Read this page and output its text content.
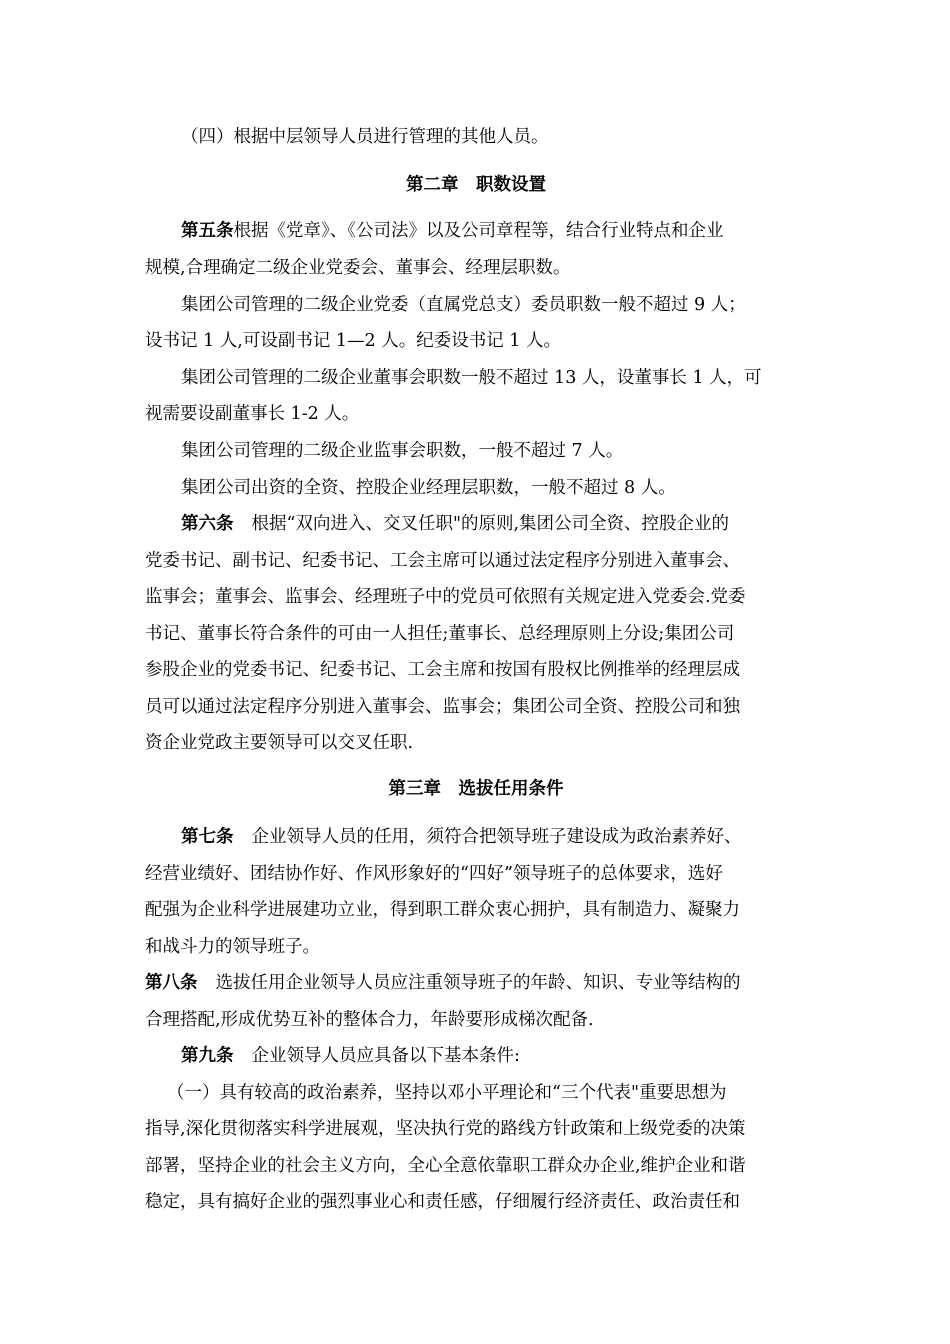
（四）根据中层领导人员进行管理的其他人员。
第二章　职数设置
第五条根据《党章》、《公司法》以及公司章程等，结合行业特点和企业
规模,合理确定二级企业党委会、董事会、经理层职数。
集团公司管理的二级企业党委（直属党总支）委员职数一般不超过 9 人；
设书记 1 人,可设副书记 1—2 人。纪委设书记 1 人。
集团公司管理的二级企业董事会职数一般不超过 13 人，设董事长 1 人，可
视需要设副董事长 1-2 人。
集团公司管理的二级企业监事会职数，一般不超过 7 人。
集团公司出资的全资、控股企业经理层职数，一般不超过 8 人。
第六条 根据“双向进入、交叉任职"的原则,集团公司全资、控股企业的
党委书记、副书记、纪委书记、工会主席可以通过法定程序分别进入董事会、
监事会；董事会、监事会、经理班子中的党员可依照有关规定进入党委会.党委
书记、董事长符合条件的可由一人担任;董事长、总经理原则上分设;集团公司
参股企业的党委书记、纪委书记、工会主席和按国有股权比例推举的经理层成
员可以通过法定程序分别进入董事会、监事会；集团公司全资、控股公司和独
资企业党政主要领导可以交叉任职.
第三章　选拔任用条件
第七条 企业领导人员的任用，须符合把领导班子建设成为政治素养好、
经营业绩好、团结协作好、作风形象好的“四好”领导班子的总体要求，选好
配强为企业科学进展建功立业，得到职工群众衷心拥护，具有制造力、凝聚力
和战斗力的领导班子。
第八条 选拔任用企业领导人员应注重领导班子的年龄、知识、专业等结构的
合理搭配,形成优势互补的整体合力，年龄要形成梯次配备.
第九条 企业领导人员应具备以下基本条件:
（一）具有较高的政治素养，坚持以邓小平理论和“三个代表"重要思想为
指导,深化贯彻落实科学进展观，坚决执行党的路线方针政策和上级党委的决策
部署，坚持企业的社会主义方向，全心全意依靠职工群众办企业,维护企业和谐
稳定，具有搞好企业的强烈事业心和责任感，仔细履行经济责任、政治责任和
